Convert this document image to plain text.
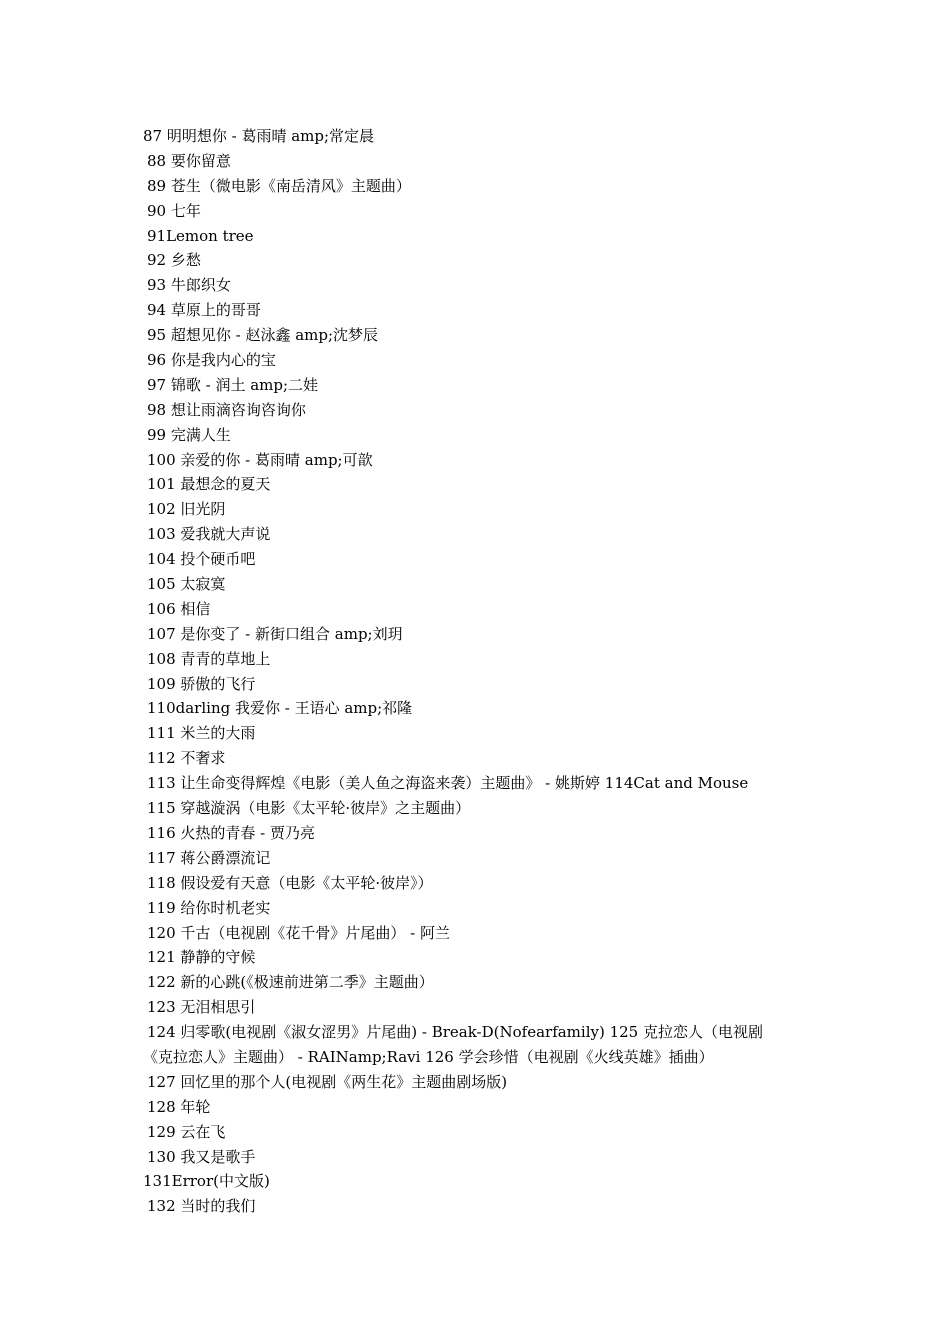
87 明明想你 - 葛雨晴 amp;常定晨
88 要你留意
89 苍生（微电影《南岳清风》主题曲）
90 七年
91Lemon tree
92 乡愁
93 牛郎织女
94 草原上的哥哥
95 超想见你 - 赵泳鑫 amp;沈梦辰
96 你是我内心的宝
97 锦歌 - 润土 amp;二娃
98 想让雨滴咨询咨询你
99 完满人生
100 亲爱的你 - 葛雨晴 amp;可歆
101 最想念的夏天
102 旧光阴
103 爱我就大声说
104 投个硬币吧
105 太寂寞
106 相信
107 是你变了 - 新街口组合 amp;刘玥
108 青青的草地上
109 骄傲的飞行
110darling 我爱你 - 王语心 amp;祁隆
111 米兰的大雨
112 不奢求
113 让生命变得辉煌《电影（美人鱼之海盗来袭）主题曲》 - 姚斯婷 114Cat and Mouse
115 穿越漩涡（电影《太平轮·彼岸》之主题曲）
116 火热的青春 - 贾乃亮
117 蒋公爵漂流记
118 假设爱有天意（电影《太平轮·彼岸》）
119 给你时机老实
120 千古（电视剧《花千骨》片尾曲） - 阿兰
121 静静的守候
122 新的心跳(《极速前进第二季》主题曲）
123 无泪相思引
124 归零歌(电视剧《淑女涩男》片尾曲) - Break-D(Nofearfamily) 125 克拉恋人（电视剧
《克拉恋人》主题曲） - RAINamp;Ravi 126 学会珍惜（电视剧《火线英雄》插曲）
127 回忆里的那个人(电视剧《两生花》主题曲剧场版)
128 年轮
129 云在飞
130 我又是歌手
131Error(中文版)
132 当时的我们
